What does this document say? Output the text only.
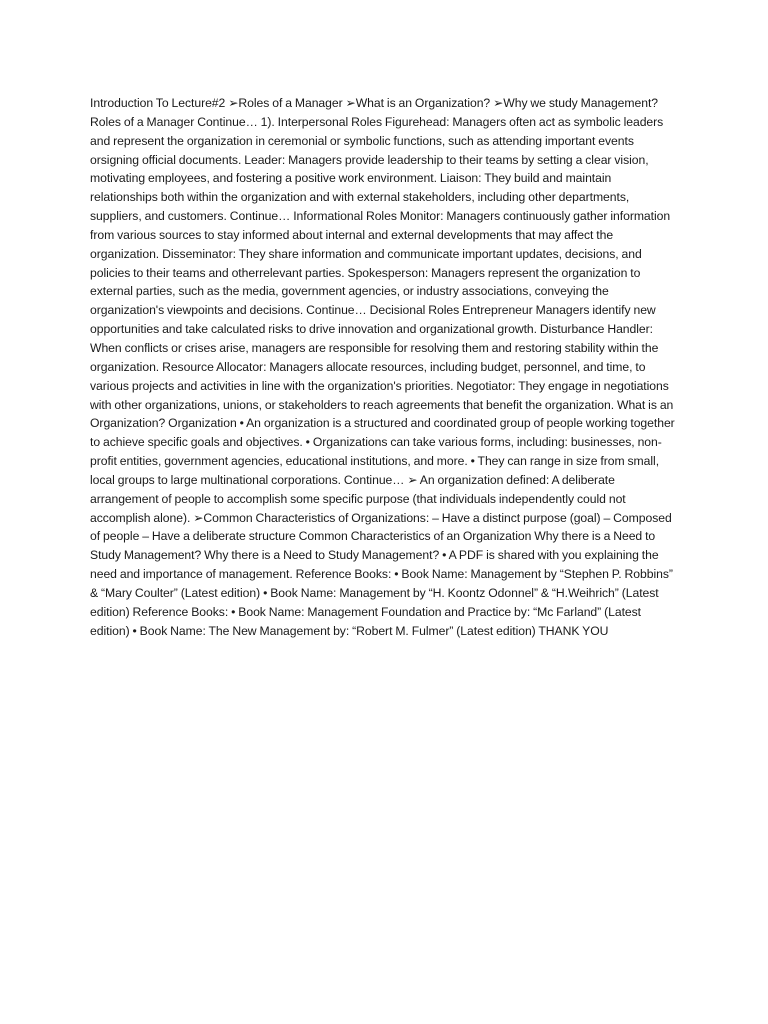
Introduction To Lecture#2 ➢Roles of a Manager ➢What is an Organization? ➢Why we study Management? Roles of a Manager Continue… 1). Interpersonal Roles Figurehead: Managers often act as symbolic leaders and represent the organization in ceremonial or symbolic functions, such as attending important events orsigning official documents. Leader: Managers provide leadership to their teams by setting a clear vision, motivating employees, and fostering a positive work environment. Liaison: They build and maintain relationships both within the organization and with external stakeholders, including other departments, suppliers, and customers. Continue… Informational Roles Monitor: Managers continuously gather information from various sources to stay informed about internal and external developments that may affect the organization. Disseminator: They share information and communicate important updates, decisions, and policies to their teams and otherrelevant parties. Spokesperson: Managers represent the organization to external parties, such as the media, government agencies, or industry associations, conveying the organization's viewpoints and decisions. Continue… Decisional Roles Entrepreneur Managers identify new opportunities and take calculated risks to drive innovation and organizational growth. Disturbance Handler: When conflicts or crises arise, managers are responsible for resolving them and restoring stability within the organization. Resource Allocator: Managers allocate resources, including budget, personnel, and time, to various projects and activities in line with the organization's priorities. Negotiator: They engage in negotiations with other organizations, unions, or stakeholders to reach agreements that benefit the organization. What is an Organization? Organization • An organization is a structured and coordinated group of people working together to achieve specific goals and objectives. • Organizations can take various forms, including: businesses, non-profit entities, government agencies, educational institutions, and more. • They can range in size from small, local groups to large multinational corporations. Continue… ➢ An organization defined: A deliberate arrangement of people to accomplish some specific purpose (that individuals independently could not accomplish alone). ➢Common Characteristics of Organizations: – Have a distinct purpose (goal) – Composed of people – Have a deliberate structure Common Characteristics of an Organization Why there is a Need to Study Management? Why there is a Need to Study Management? • A PDF is shared with you explaining the need and importance of management. Reference Books: • Book Name: Management by “Stephen P. Robbins” & “Mary Coulter” (Latest edition) • Book Name: Management by “H. Koontz Odonnel” & “H.Weihrich” (Latest edition) Reference Books: • Book Name: Management Foundation and Practice by: “Mc Farland” (Latest edition) • Book Name: The New Management by: “Robert M. Fulmer” (Latest edition) THANK YOU
